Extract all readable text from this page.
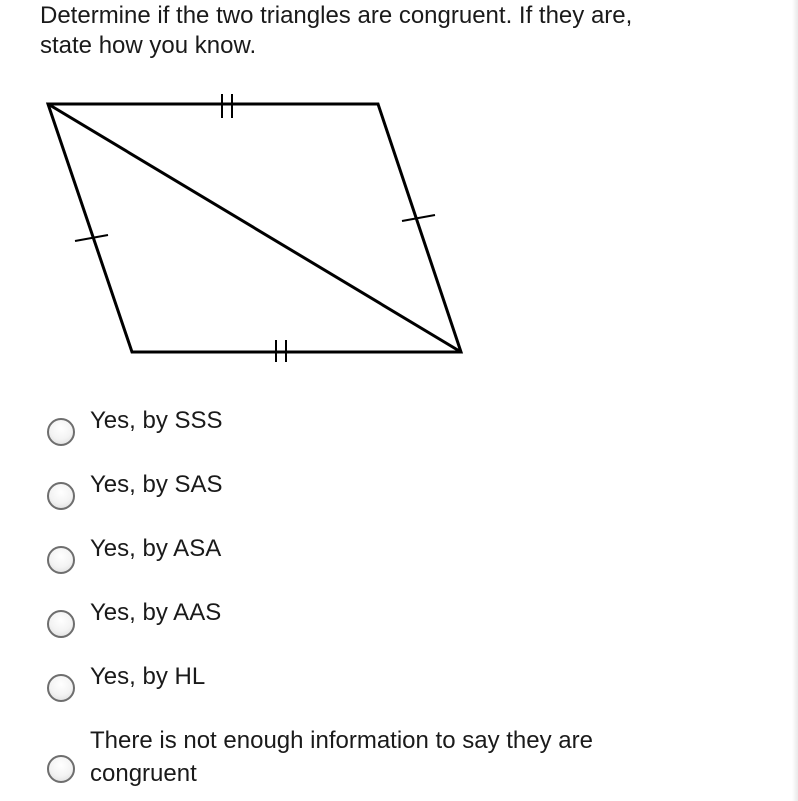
Determine if the two triangles are congruent. If they are,
state how you know.
Yes, by SSS
Yes, by SAS
Yes, by ASA
Yes, by AAS
Yes, by HL
There is not enough information to say they are
congruent
